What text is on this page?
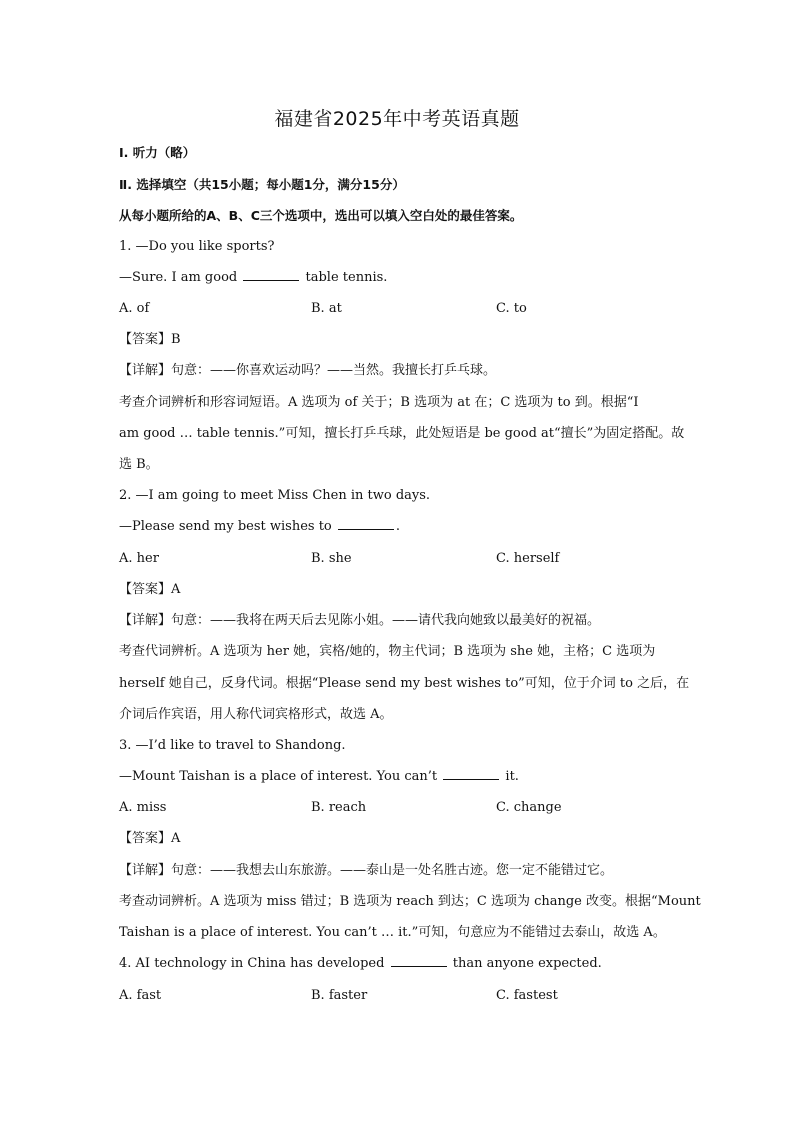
福建省2025年中考英语真题
Ⅰ. 听力（略）
Ⅱ. 选择填空（共15小题；每小题1分，满分15分）
从每小题所给的A、B、C三个选项中，选出可以填入空白处的最佳答案。
1. —Do you like sports?
—Sure. I am good	table tennis.
A. of	B. at	C. to
【答案】B
【详解】句意：——你喜欢运动吗？——当然。我擅长打乒乓球。
考查介词辨析和形容词短语。A 选项为 of 关于；B 选项为 at 在；C 选项为 to 到。根据“I
am good … table tennis.”可知，擅长打乒乓球，此处短语是 be good at“擅长”为固定搭配。故
选 B。
2. —I am going to meet Miss Chen in two days.
—Please send my best wishes to	.
A. her	B. she	C. herself
【答案】A
【详解】句意：——我将在两天后去见陈小姐。——请代我向她致以最美好的祝福。
考查代词辨析。A 选项为 her 她，宾格/她的，物主代词；B 选项为 she 她，主格；C 选项为
herself 她自己，反身代词。根据“Please send my best wishes to”可知，位于介词 to 之后，在
介词后作宾语，用人称代词宾格形式，故选 A。
3. —I’d like to travel to Shandong.
—Mount Taishan is a place of interest. You can’t	it.
A. miss	B. reach	C. change
【答案】A
【详解】句意：——我想去山东旅游。——泰山是一处名胜古迹。您一定不能错过它。
考查动词辨析。A 选项为 miss 错过；B 选项为 reach 到达；C 选项为 change 改变。根据“Mount
Taishan is a place of interest. You can’t … it.”可知，句意应为不能错过去泰山，故选 A。
4. AI technology in China has developed	than anyone expected.
A. fast	B. faster	C. fastest
